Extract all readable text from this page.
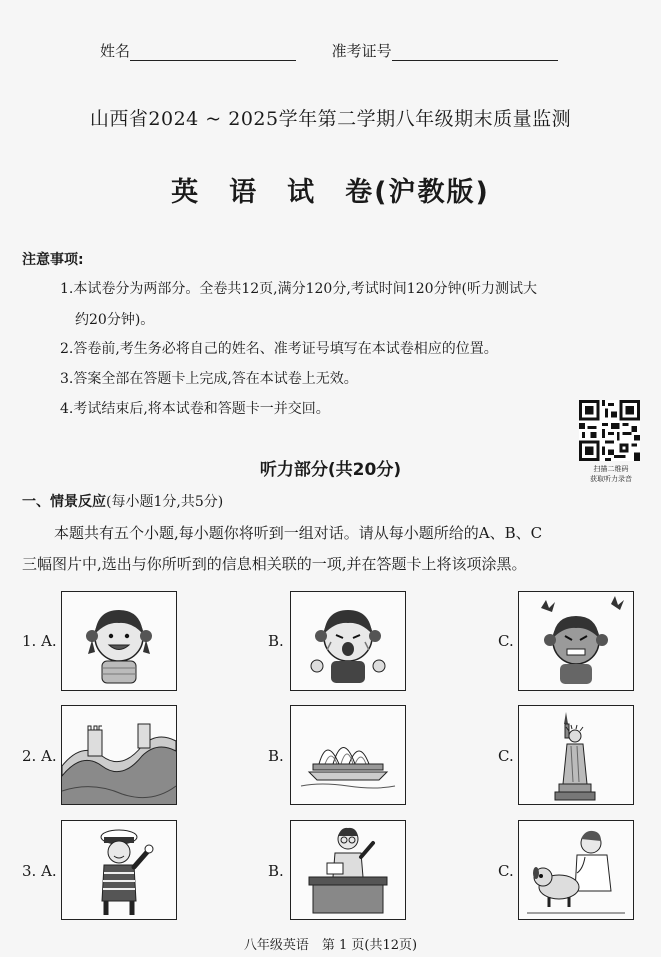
姓名	准考证号
山西省2024 ~ 2025学年第二学期八年级期末质量监测
英　语　试　卷(沪教版)
注意事项:
1.本试卷分为两部分。全卷共12页,满分120分,考试时间120分钟(听力测试大
约20分钟)。
2.答卷前,考生务必将自己的姓名、准考证号填写在本试卷相应的位置。
3.答案全部在答题卡上完成,答在本试卷上无效。
4.考试结束后,将本试卷和答题卡一并交回。
扫描二维码
获取听力录音
听力部分(共20分)
一、情景反应(每小题1分,共5分)
本题共有五个小题,每小题你将听到一组对话。请从每小题所给的A、B、C
三幅图片中,选出与你所听到的信息相关联的一项,并在答题卡上将该项涂黑。
1. A.	B.	C.
2. A.	B.	C.
3. A.	B.	C.
八年级英语　第 1 页(共12页)
